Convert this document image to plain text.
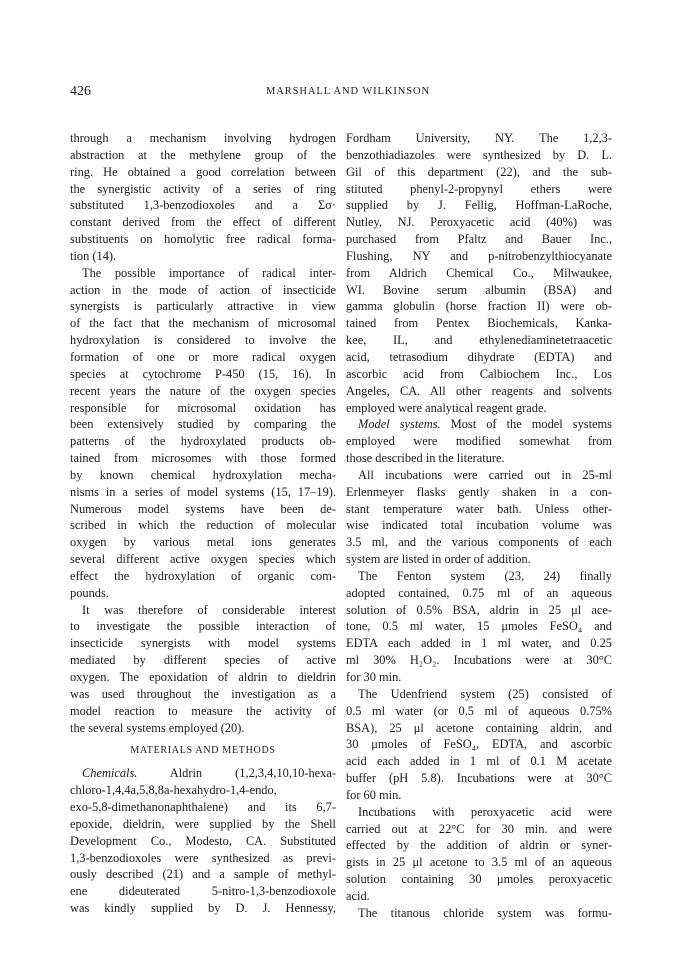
426	MARSHALL AND WILKINSON
through a mechanism involving hydrogen
abstraction at the methylene group of the
ring. He obtained a good correlation between
the synergistic activity of a series of ring
substituted 1,3-benzodioxoles and a Σσ·
constant derived from the effect of different
substituents on homolytic free radical forma-
tion (14).
The possible importance of radical inter-
action in the mode of action of insecticide
synergists is particularly attractive in view
of the fact that the mechanism of microsomal
hydroxylation is considered to involve the
formation of one or more radical oxygen
species at cytochrome P-450 (15, 16). In
recent years the nature of the oxygen species
responsible for microsomal oxidation has
been extensively studied by comparing the
patterns of the hydroxylated products ob-
tained from microsomes with those formed
by known chemical hydroxylation mecha-
nisms in a series of model systems (15, 17–19).
Numerous model systems have been de-
scribed in which the reduction of molecular
oxygen by various metal ions generates
several different active oxygen species which
effect the hydroxylation of organic com-
pounds.
It was therefore of considerable interest
to investigate the possible interaction of
insecticide synergists with model systems
mediated by different species of active
oxygen. The epoxidation of aldrin to dieldrin
was used throughout the investigation as a
model reaction to measure the activity of
the several systems employed (20).
MATERIALS AND METHODS
Chemicals. Aldrin (1,2,3,4,10,10-hexa-
chloro-1,4,4a,5,8,8a-hexahydro-1,4-endo,
exo-5,8-dimethanonaphthalene) and its 6,7-
epoxide, dieldrin, were supplied by the Shell
Development Co., Modesto, CA. Substituted
1,3-benzodioxoles were synthesized as previ-
ously described (21) and a sample of methyl-
ene dideuterated 5-nitro-1,3-benzodioxole
was kindly supplied by D. J. Hennessy,
Fordham University, NY. The 1,2,3-
benzothiadiazoles were synthesized by D. L.
Gil of this department (22), and the sub-
stituted phenyl-2-propynyl ethers were
supplied by J. Fellig, Hoffman-LaRoche,
Nutley, NJ. Peroxyacetic acid (40%) was
purchased from Pfaltz and Bauer Inc.,
Flushing, NY and p-nitrobenzylthiocyanate
from Aldrich Chemical Co., Milwaukee,
WI. Bovine serum albumin (BSA) and
gamma globulin (horse fraction II) were ob-
tained from Pentex Biochemicals, Kanka-
kee, IL, and ethylenediaminetetraacetic
acid, tetrasodium dihydrate (EDTA) and
ascorbic acid from Calbiochem Inc., Los
Angeles, CA. All other reagents and solvents
employed were analytical reagent grade.
Model systems. Most of the model systems
employed were modified somewhat from
those described in the literature.
All incubations were carried out in 25-ml
Erlenmeyer flasks gently shaken in a con-
stant temperature water bath. Unless other-
wise indicated total incubation volume was
3.5 ml, and the various components of each
system are listed in order of addition.
The Fenton system (23, 24) finally
adopted contained, 0.75 ml of an aqueous
solution of 0.5% BSA, aldrin in 25 μl ace-
tone, 0.5 ml water, 15 μmoles FeSO₄ and
EDTA each added in 1 ml water, and 0.25
ml 30% H₂O₂. Incubations were at 30°C
for 30 min.
The Udenfriend system (25) consisted of
0.5 ml water (or 0.5 ml of aqueous 0.75%
BSA), 25 μl acetone containing aldrin, and
30 μmoles of FeSO₄, EDTA, and ascorbic
acid each added in 1 ml of 0.1 M acetate
buffer (pH 5.8). Incubations were at 30°C
for 60 min.
Incubations with peroxyacetic acid were
carried out at 22°C for 30 min. and were
effected by the addition of aldrin or syner-
gists in 25 μl acetone to 3.5 ml of an aqueous
solution containing 30 μmoles peroxyacetic
acid.
The titanous chloride system was formu-
